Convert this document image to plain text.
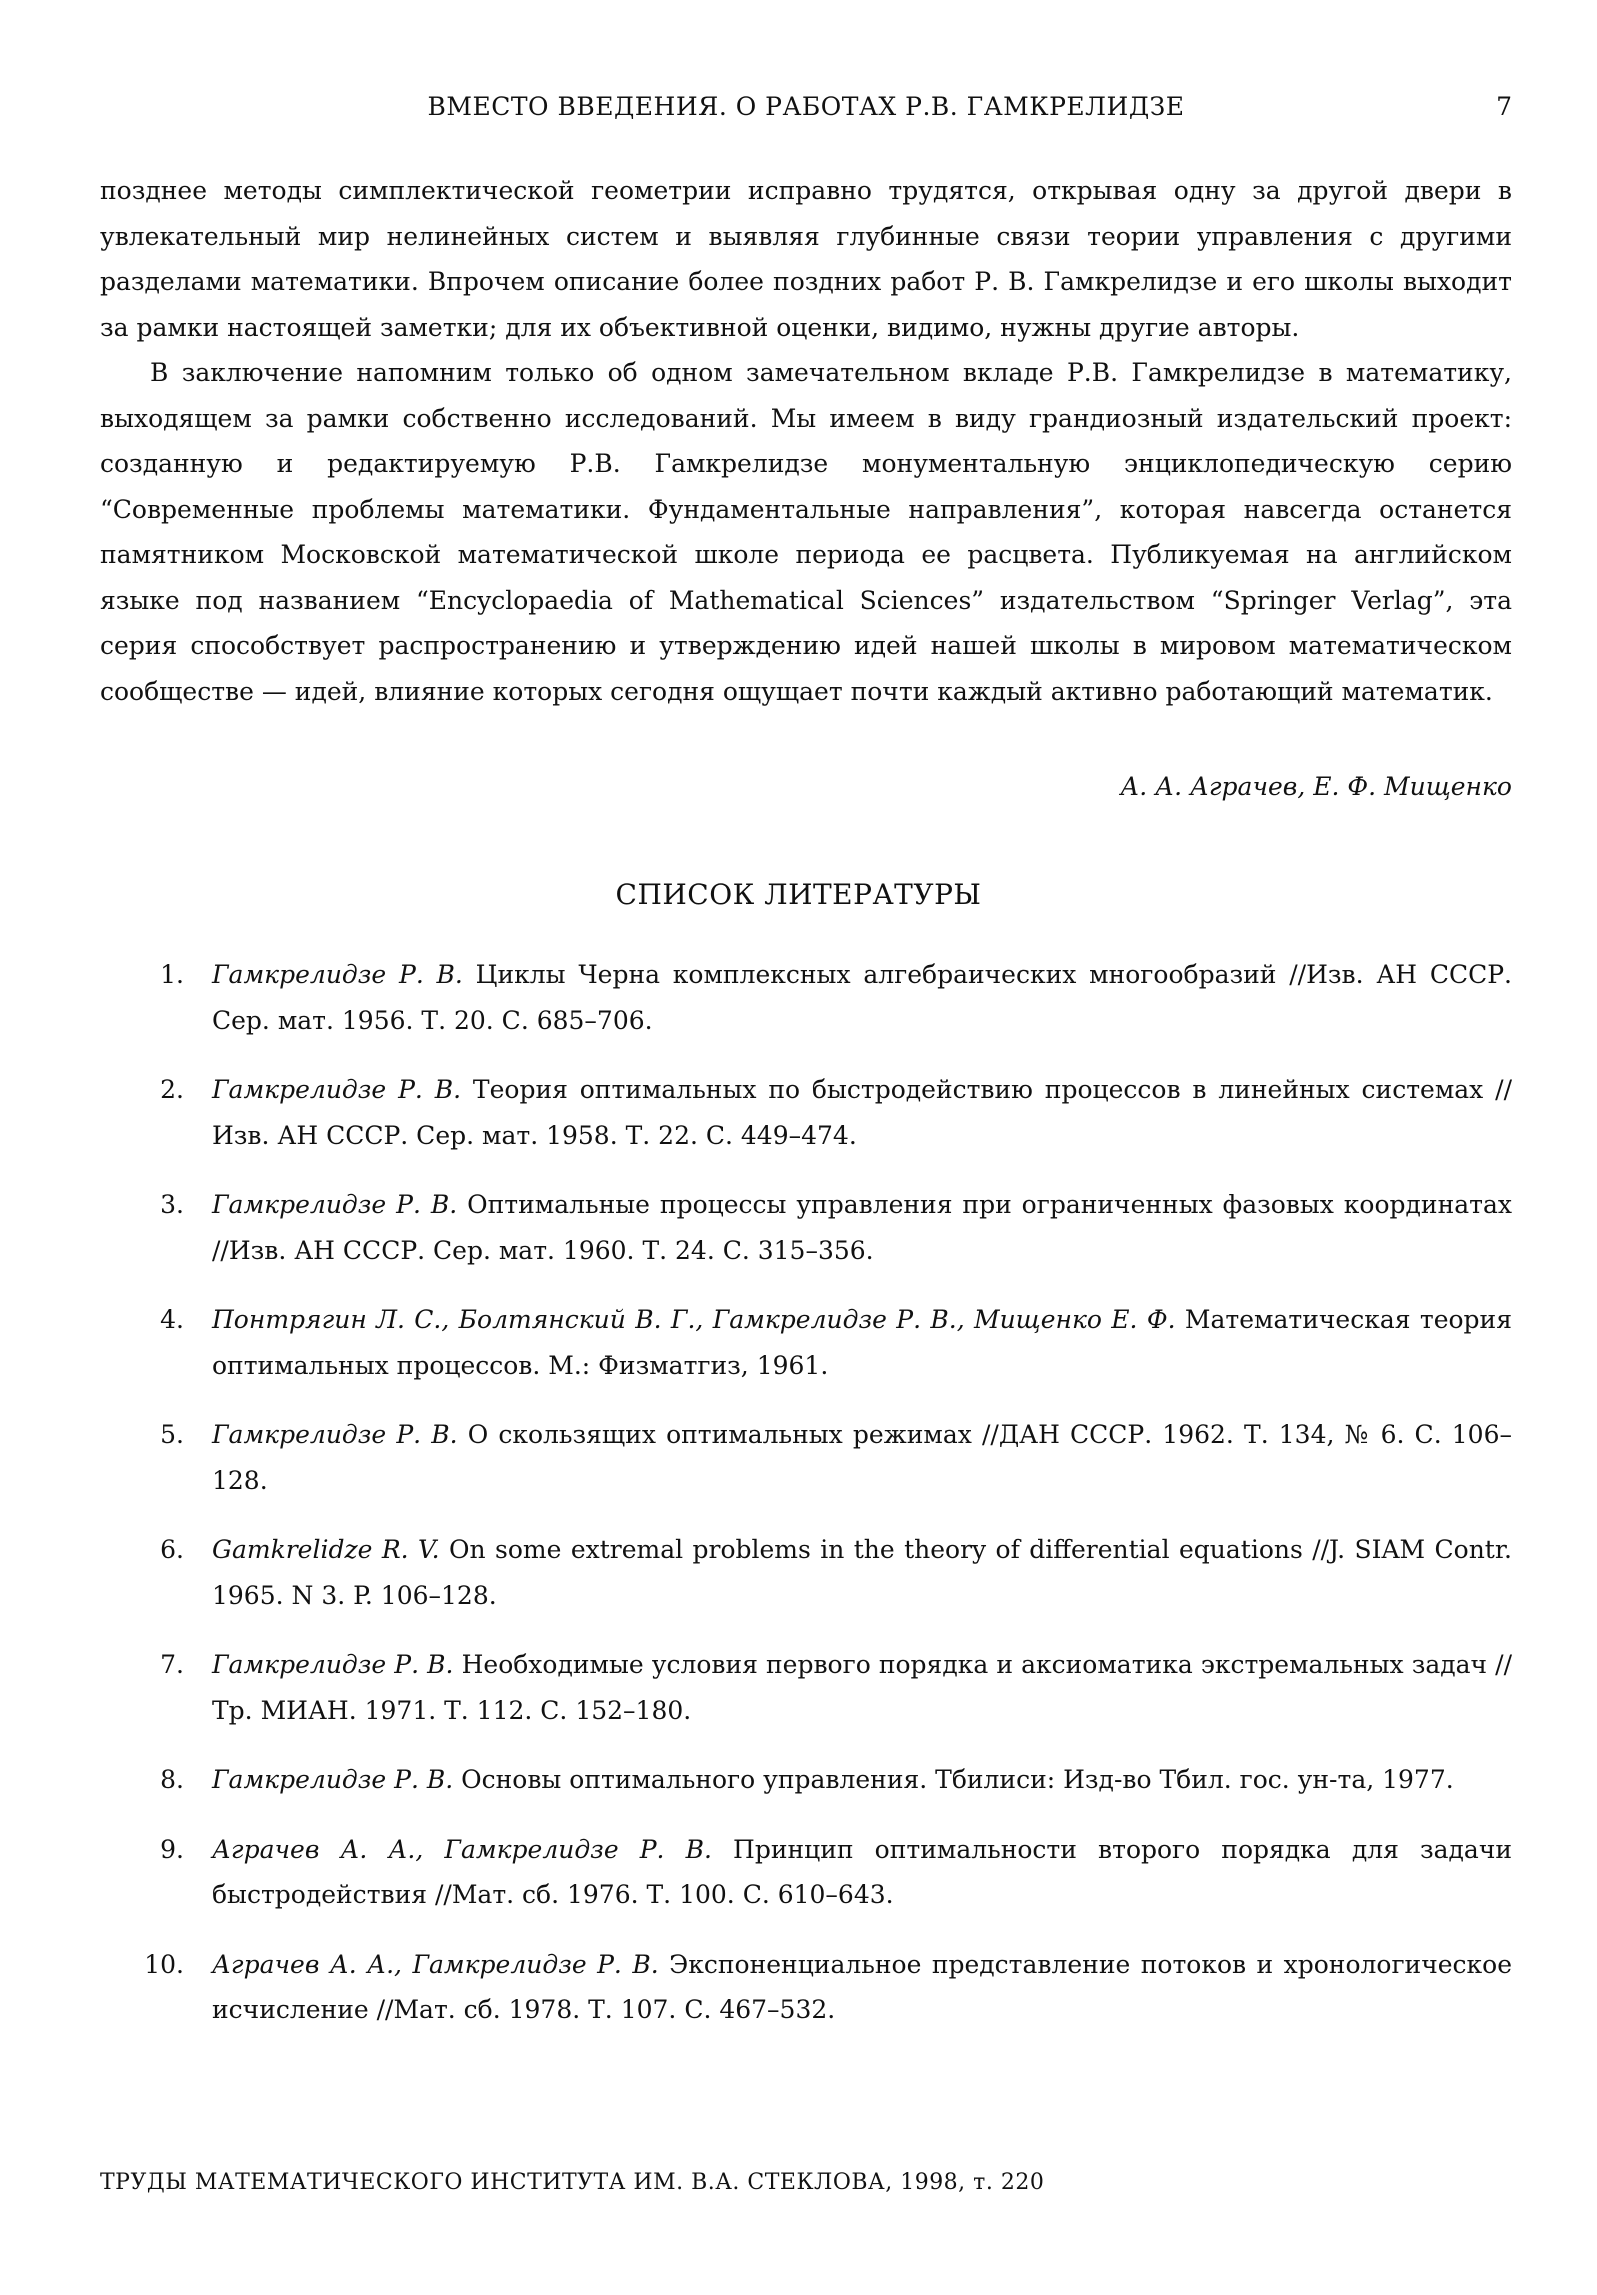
ВМЕСТО ВВЕДЕНИЯ. О РАБОТАХ Р.В. ГАМКРЕЛИДЗЕ	7

позднее методы симплектической геометрии исправно трудятся, открывая одну за другой двери в увлекательный мир нелинейных систем и выявляя глубинные связи теории управления с другими разделами математики. Впрочем описание более поздних работ Р. В. Гамкрелидзе и его школы выходит за рамки настоящей заметки; для их объективной оценки, видимо, нужны другие авторы.

В заключение напомним только об одном замечательном вкладе Р.В. Гамкрелидзе в математику, выходящем за рамки собственно исследований. Мы имеем в виду грандиозный издательский проект: созданную и редактируемую Р.В. Гамкрелидзе монументальную энциклопедическую серию “Современные проблемы математики. Фундаментальные направления”, которая навсегда останется памятником Московской математической школе периода ее расцвета. Публикуемая на английском языке под названием “Encyclopaedia of Mathematical Sciences” издательством “Springer Verlag”, эта серия способствует распространению и утверждению идей нашей школы в мировом математическом сообществе — идей, влияние которых сегодня ощущает почти каждый активно работающий математик.

А. А. Аграчев, Е. Ф. Мищенко
СПИСОК ЛИТЕРАТУРЫ
1. Гамкрелидзе Р. В. Циклы Черна комплексных алгебраических многообразий //Изв. АН СССР. Сер. мат. 1956. Т. 20. С. 685–706.
2. Гамкрелидзе Р. В. Теория оптимальных по быстродействию процессов в линейных системах //Изв. АН СССР. Сер. мат. 1958. Т. 22. С. 449–474.
3. Гамкрелидзе Р. В. Оптимальные процессы управления при ограниченных фазовых координатах //Изв. АН СССР. Сер. мат. 1960. Т. 24. С. 315–356.
4. Понтрягин Л. С., Болтянский В. Г., Гамкрелидзе Р. В., Мищенко Е. Ф. Математическая теория оптимальных процессов. М.: Физматгиз, 1961.
5. Гамкрелидзе Р. В. О скользящих оптимальных режимах //ДАН СССР. 1962. Т. 134, № 6. С. 106–128.
6. Gamkrelidze R. V. On some extremal problems in the theory of differential equations //J. SIAM Contr. 1965. N 3. P. 106–128.
7. Гамкрелидзе Р. В. Необходимые условия первого порядка и аксиоматика экстремальных задач //Тр. МИАН. 1971. Т. 112. С. 152–180.
8. Гамкрелидзе Р. В. Основы оптимального управления. Тбилиси: Изд-во Тбил. гос. ун-та, 1977.
9. Аграчев А. А., Гамкрелидзе Р. В. Принцип оптимальности второго порядка для задачи быстродействия //Мат. сб. 1976. Т. 100. С. 610–643.
10. Аграчев А. А., Гамкрелидзе Р. В. Экспоненциальное представление потоков и хронологическое исчисление //Мат. сб. 1978. Т. 107. С. 467–532.
ТРУДЫ МАТЕМАТИЧЕСКОГО ИНСТИТУТА ИМ. В.А. СТЕКЛОВА, 1998, т. 220
